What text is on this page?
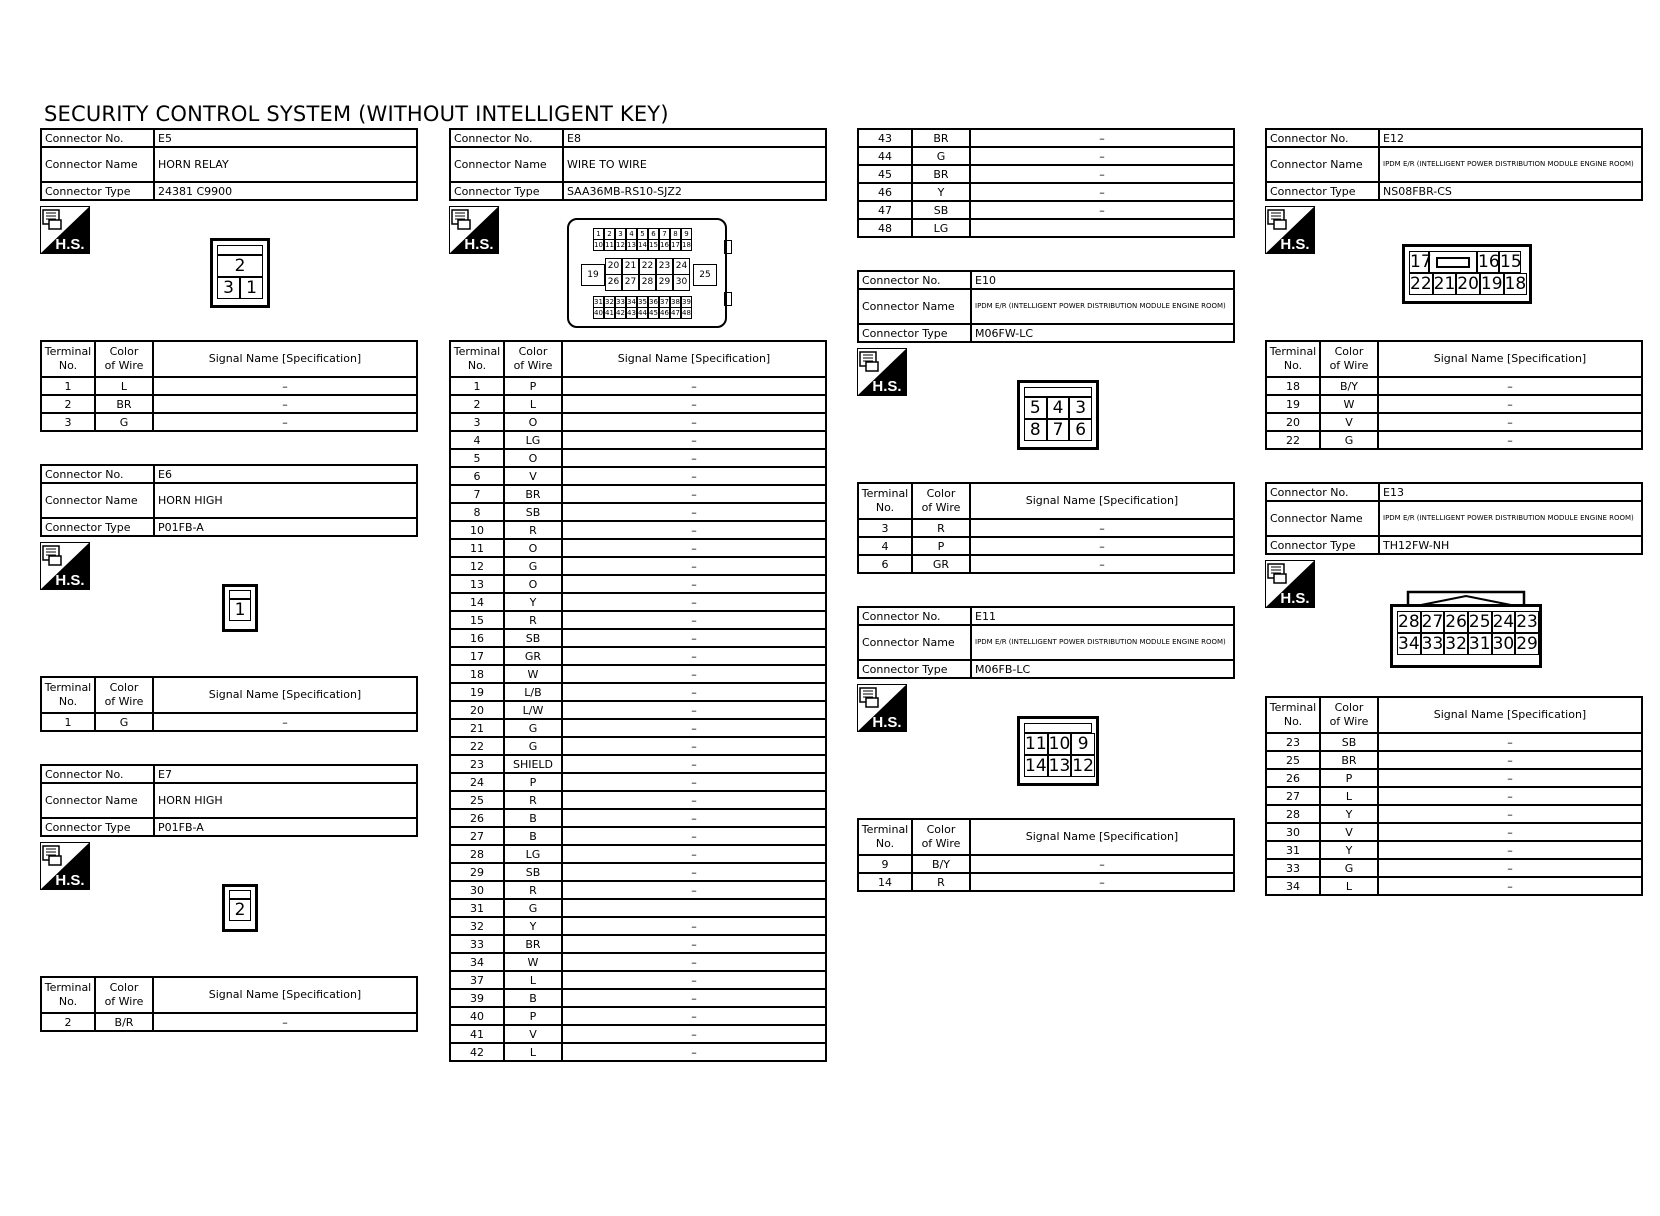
SECURITY CONTROL SYSTEM (WITHOUT INTELLIGENT KEY)
Connector No.	E5
Connector Name	HORN RELAY
Connector Type	24381 C9900
H.S.
2
3 1
Terminal
No.	Color
of Wire	Signal Name [Specification]
1	L	–
2	BR	–
3	G	–
Connector No.	E6
Connector Name	HORN HIGH
Connector Type	P01FB-A
H.S.
1
Terminal
No.	Color
of Wire	Signal Name [Specification]
1	G	–
Connector No.	E7
Connector Name	HORN HIGH
Connector Type	P01FB-A
H.S.
2
Terminal
No.	Color
of Wire	Signal Name [Specification]
2	B/R	–
Connector No.	E8
Connector Name	WIRE TO WIRE
Connector Type	SAA36MB-RS10-SJZ2
H.S.
1 2 3 4 5 6 7 8 9
10 11 12 13 14 15 16 17 18
19
20 21 22 23 24
26 27 28 29 30
25
31 32 33 34 35 36 37 38 39
40 41 42 43 44 45 46 47 48
Terminal
No.	Color
of Wire	Signal Name [Specification]
1	P	–
2	L	–
3	O	–
4	LG	–
5	O	–
6	V	–
7	BR	–
8	SB	–
10	R	–
11	O	–
12	G	–
13	O	–
14	Y	–
15	R	–
16	SB	–
17	GR	–
18	W	–
19	L/B	–
20	L/W	–
21	G	–
22	G	–
23	SHIELD	–
24	P	–
25	R	–
26	B	–
27	B	–
28	LG	–
29	SB	–
30	R	–
31	G	
32	Y	–
33	BR	–
34	W	–
37	L	–
39	B	–
40	P	–
41	V	–
42	L	–
43	BR	–
44	G	–
45	BR	–
46	Y	–
47	SB	–
48	LG	
Connector No.	E10
Connector Name	IPDM E/R (INTELLIGENT POWER DISTRIBUTION MODULE ENGINE ROOM)
Connector Type	M06FW-LC
H.S.
5 4 3
8 7 6
Terminal
No.	Color
of Wire	Signal Name [Specification]
3	R	–
4	P	–
6	GR	–
Connector No.	E11
Connector Name	IPDM E/R (INTELLIGENT POWER DISTRIBUTION MODULE ENGINE ROOM)
Connector Type	M06FB-LC
H.S.
11 10 9
14 13 12
Terminal
No.	Color
of Wire	Signal Name [Specification]
9	B/Y	–
14	R	–
Connector No.	E12
Connector Name	IPDM E/R (INTELLIGENT POWER DISTRIBUTION MODULE ENGINE ROOM)
Connector Type	NS08FBR-CS
H.S.
17	16 15
22 21 20 19 18
Terminal
No.	Color
of Wire	Signal Name [Specification]
18	B/Y	–
19	W	–
20	V	–
22	G	–
Connector No.	E13
Connector Name	IPDM E/R (INTELLIGENT POWER DISTRIBUTION MODULE ENGINE ROOM)
Connector Type	TH12FW-NH
H.S.
28 27 26 25 24 23
34 33 32 31 30 29
Terminal
No.	Color
of Wire	Signal Name [Specification]
23	SB	–
25	BR	–
26	P	–
27	L	–
28	Y	–
30	V	–
31	Y	–
33	G	–
34	L	–
